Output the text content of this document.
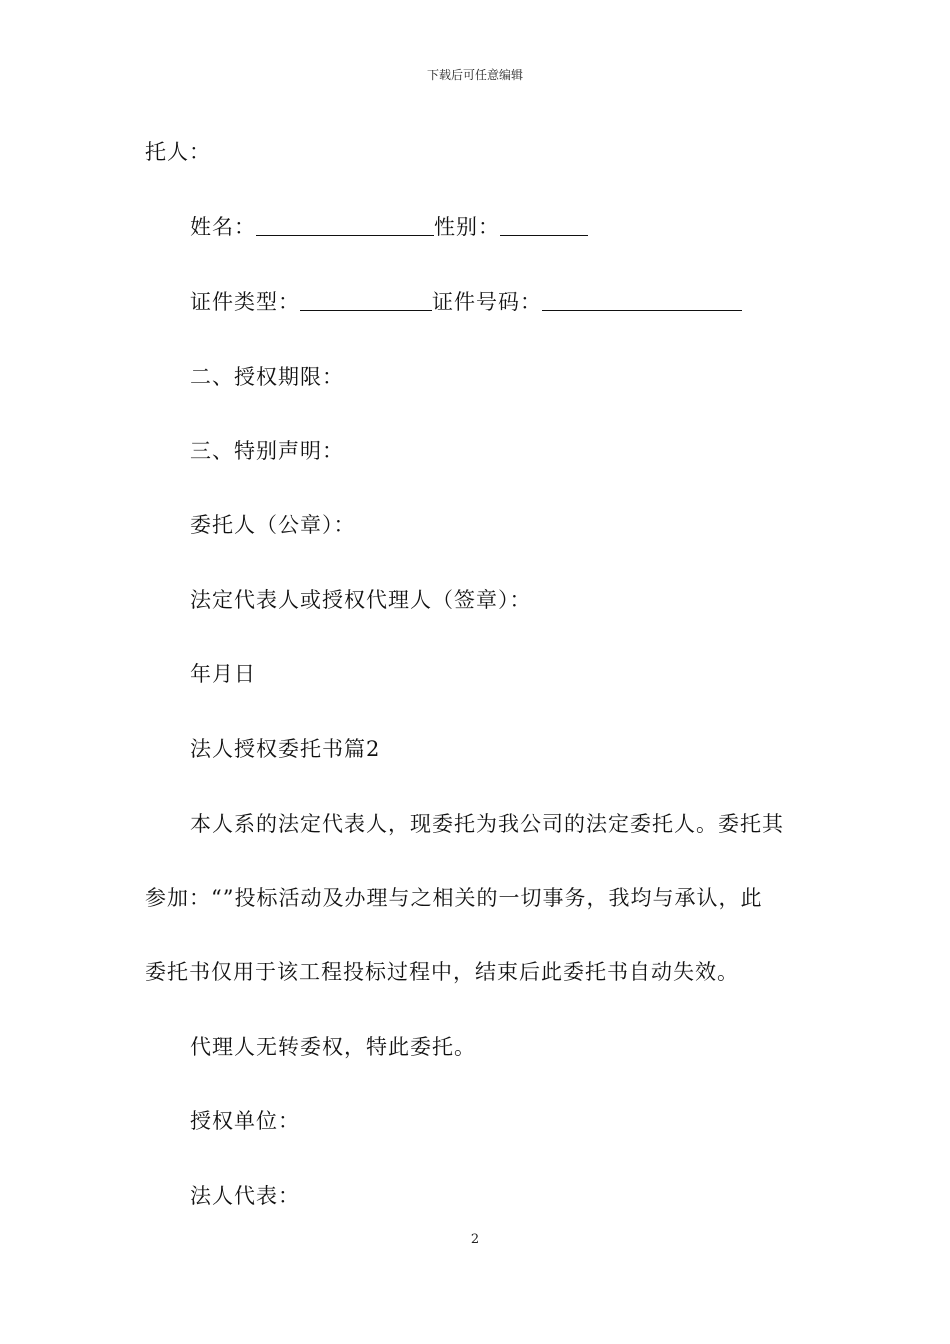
下载后可任意编辑
托人：
姓名：	性别：
证件类型：	证件号码：
二、授权期限：
三、特别声明：
委托人（公章）：
法定代表人或授权代理人（签章）：
年月日
法人授权委托书篇2
本人系的法定代表人，现委托为我公司的法定委托人。委托其
参加：“”投标活动及办理与之相关的一切事务，我均与承认，此
委托书仅用于该工程投标过程中，结束后此委托书自动失效。
代理人无转委权，特此委托。
授权单位：
法人代表：
2
